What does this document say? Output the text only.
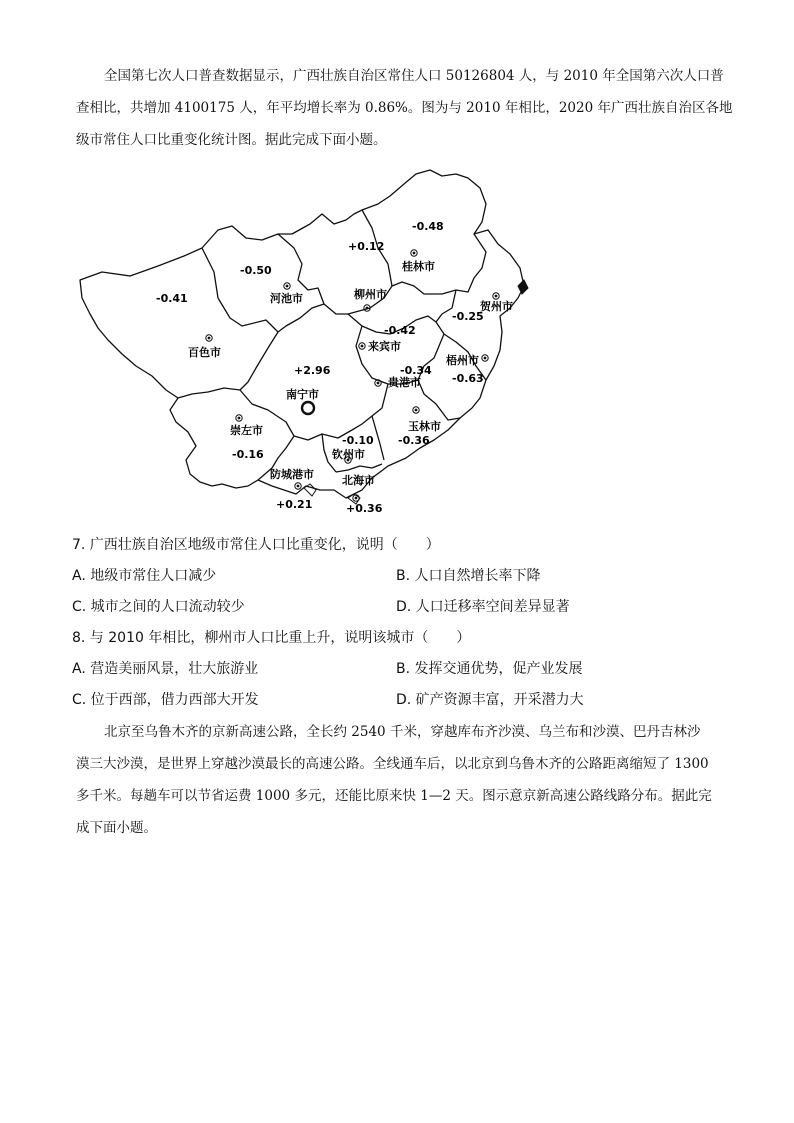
全国第七次人口普查数据显示，广西壮族自治区常住人口 50126804 人，与 2010 年全国第六次人口普
查相比，共增加 4100175 人，年平均增长率为 0.86%。图为与 2010 年相比，2020 年广西壮族自治区各地
级市常住人口比重变化统计图。据此完成下面小题。

-0.48
桂林市
+0.12
柳州市
-0.50
河池市
-0.41
百色市
贺州市
-0.25
-0.42
来宾市
梧州市
-0.63
-0.34
贵港市
+2.96
南宁市
崇左市
-0.16
玉林市
-0.36
-0.10
钦州市
防城港市
+0.21
北海市
+0.36
7. 广西壮族自治区地级市常住人口比重变化，说明（　　）
A. 地级市常住人口减少	B. 人口自然增长率下降
C. 城市之间的人口流动较少	D. 人口迁移率空间差异显著
8. 与 2010 年相比，柳州市人口比重上升，说明该城市（　　）
A. 营造美丽风景，壮大旅游业	B. 发挥交通优势，促产业发展
C. 位于西部，借力西部大开发	D. 矿产资源丰富，开采潜力大

北京至乌鲁木齐的京新高速公路，全长约 2540 千米，穿越库布齐沙漠、乌兰布和沙漠、巴丹吉林沙
漠三大沙漠，是世界上穿越沙漠最长的高速公路。全线通车后，以北京到乌鲁木齐的公路距离缩短了 1300
多千米。每趟车可以节省运费 1000 多元，还能比原来快 1—2 天。图示意京新高速公路线路分布。据此完
成下面小题。
